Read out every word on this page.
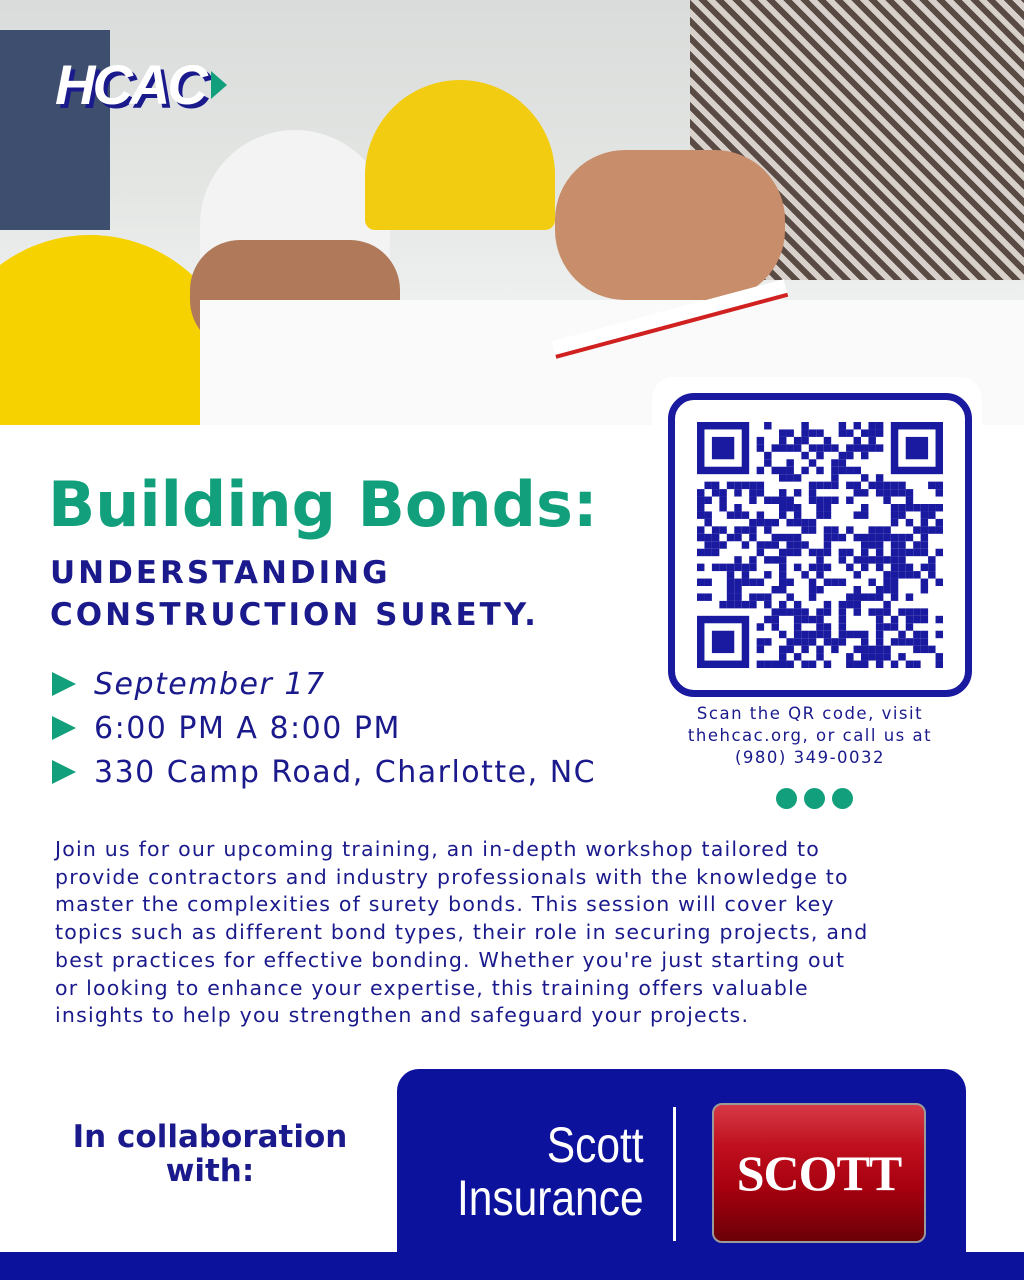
HCAC
Building Bonds:
UNDERSTANDING
CONSTRUCTION SURETY.
September 17
6:00 PM A 8:00 PM
330 Camp Road, Charlotte, NC
Scan the QR code, visit
thehcac.org, or call us at
(980) 349-0032
Join us for our upcoming training, an in-depth workshop tailored to
provide contractors and industry professionals with the knowledge to
master the complexities of surety bonds. This session will cover key
topics such as different bond types, their role in securing projects, and
best practices for effective bonding. Whether you're just starting out
or looking to enhance your expertise, this training offers valuable
insights to help you strengthen and safeguard your projects.
In collaboration
with:	Scott
Insurance SCOTT
